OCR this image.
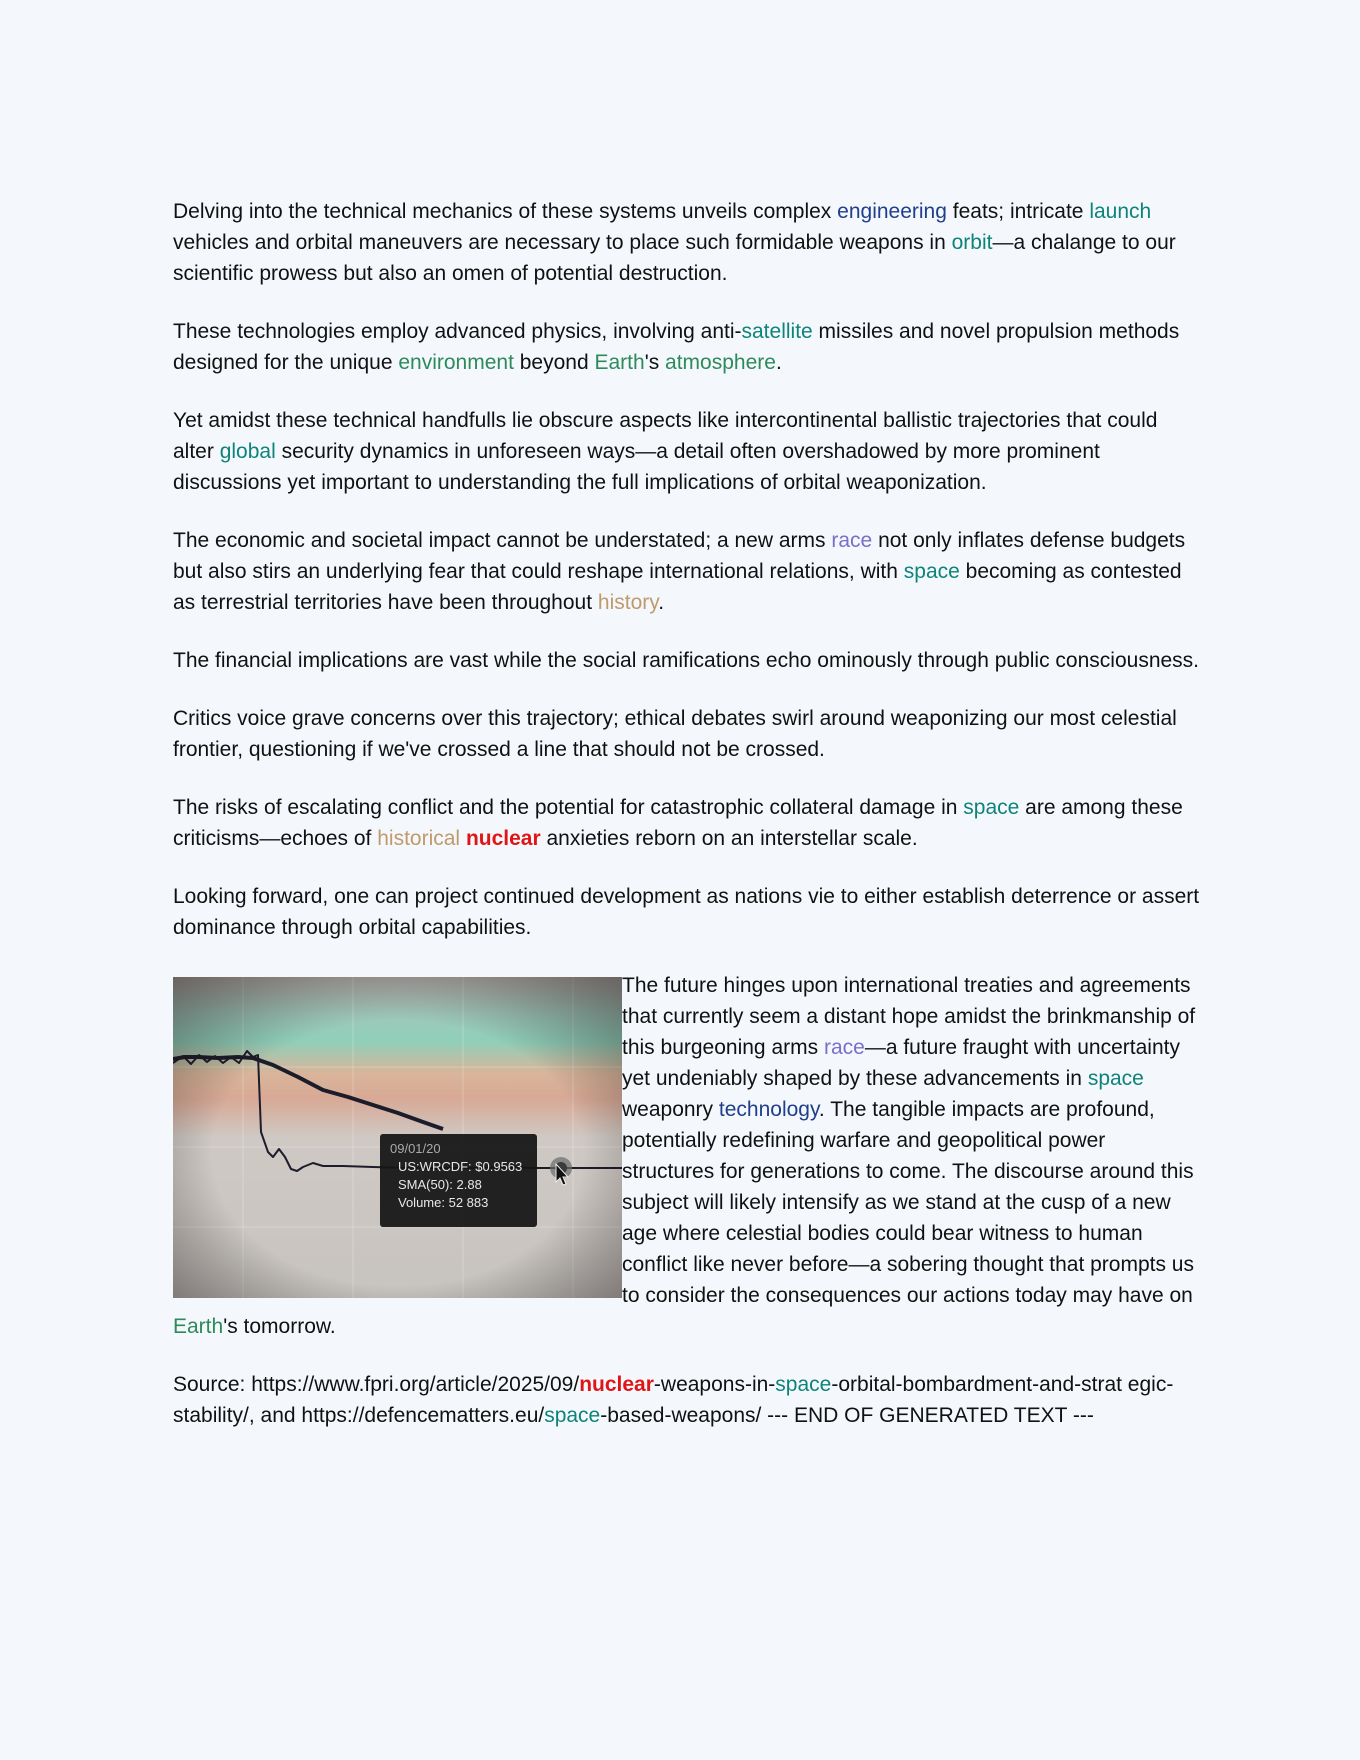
Delving into the technical mechanics of these systems unveils complex engineering feats; intricate launch vehicles and orbital maneuvers are necessary to place such formidable weapons in orbit—a chalange to our scientific prowess but also an omen of potential destruction.

These technologies employ advanced physics, involving anti-satellite missiles and novel propulsion methods designed for the unique environment beyond Earth's atmosphere.

Yet amidst these technical handfulls lie obscure aspects like intercontinental ballistic trajectories that could alter global security dynamics in unforeseen ways—a detail often overshadowed by more prominent discussions yet important to understanding the full implications of orbital weaponization.

The economic and societal impact cannot be understated; a new arms race not only inflates defense budgets but also stirs an underlying fear that could reshape international relations, with space becoming as contested as terrestrial territories have been throughout history.

The financial implications are vast while the social ramifications echo ominously through public consciousness.

Critics voice grave concerns over this trajectory; ethical debates swirl around weaponizing our most celestial frontier, questioning if we've crossed a line that should not be crossed.

The risks of escalating conflict and the potential for catastrophic collateral damage in space are among these criticisms—echoes of historical nuclear anxieties reborn on an interstellar scale.

Looking forward, one can project continued development as nations vie to either establish deterrence or assert dominance through orbital capabilities.

The future hinges upon international treaties and agreements that currently seem a distant hope amidst the brinkmanship of this burgeoning arms race—a future fraught with uncertainty yet undeniably shaped by these advancements in space weaponry technology. The tangible impacts are profound, potentially redefining warfare and geopolitical power structures for generations to come. The discourse around this subject will likely intensify as we stand at the cusp of a new age where celestial bodies could bear witness to human conflict like never before—a sobering thought that prompts us to consider the consequences our actions today may have on Earth's tomorrow.

Source: https://www.fpri.org/article/2025/09/nuclear-weapons-in-space-orbital-bombardment-and-strat egic-stability/, and https://defencematters.eu/space-based-weapons/ --- END OF GENERATED TEXT ---
